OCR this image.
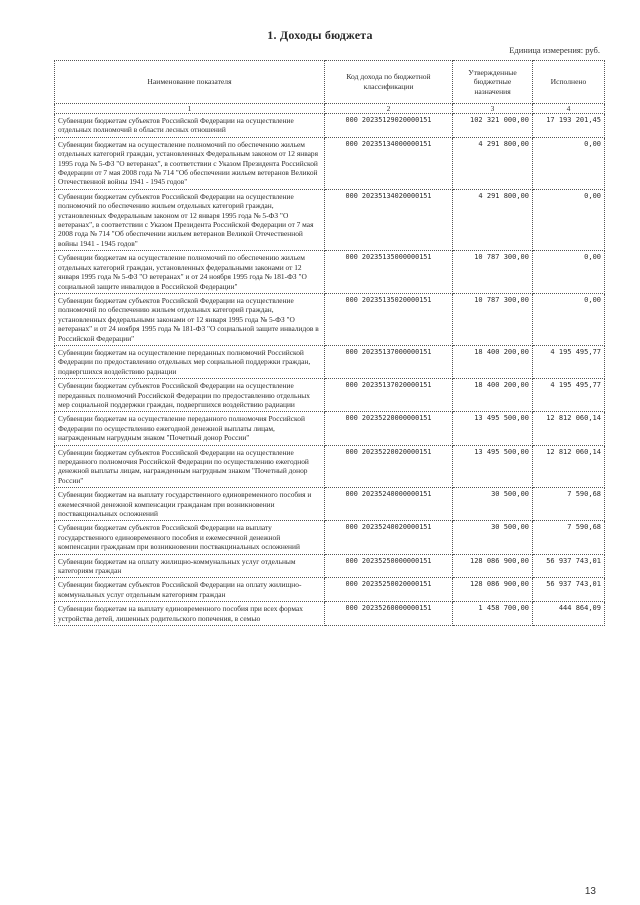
1. Доходы бюджета
Единица измерения: руб.
Наименование показателя	Код дохода по бюджетной классификации	Утвержденные бюджетные назначения	Исполнено
1	2	3	4
Субвенции бюджетам субъектов Российской Федерации на осуществление отдельных полномочий в области лесных отношений	000 20235129020000151	102 321 000,00	17 193 201,45
Субвенции бюджетам на осуществление полномочий по обеспечению жильем отдельных категорий граждан, установленных Федеральным законом от 12 января 1995 года № 5-ФЗ "О ветеранах", в соответствии с Указом Президента Российской Федерации от 7 мая 2008 года № 714 "Об обеспечении жильем ветеранов Великой Отечественной войны 1941 - 1945 годов"	000 20235134000000151	4 291 800,00	0,00
Субвенции бюджетам субъектов Российской Федерации на осуществление полномочий по обеспечению жильем отдельных категорий граждан, установленных Федеральным законом от 12 января 1995 года № 5-ФЗ "О ветеранах", в соответствии с Указом Президента Российской Федерации от 7 мая 2008 года № 714 "Об обеспечении жильем ветеранов Великой Отечественной войны 1941 - 1945 годов"	000 20235134020000151	4 291 800,00	0,00
Субвенции бюджетам на осуществление полномочий по обеспечению жильем отдельных категорий граждан, установленных федеральными законами от 12 января 1995 года № 5-ФЗ "О ветеранах" и от 24 ноября 1995 года № 181-ФЗ "О социальной защите инвалидов в Российской Федерации"	000 20235135000000151	10 787 300,00	0,00
Субвенции бюджетам субъектов Российской Федерации на осуществление полномочий по обеспечению жильем отдельных категорий граждан, установленных федеральными законами от 12 января 1995 года № 5-ФЗ "О ветеранах" и от 24 ноября 1995 года № 181-ФЗ "О социальной защите инвалидов в Российской Федерации"	000 20235135020000151	10 787 300,00	0,00
Субвенции бюджетам на осуществление переданных полномочий Российской Федерации по предоставлению отдельных мер социальной поддержки граждан, подвергшихся воздействию радиации	000 20235137000000151	18 400 200,00	4 195 495,77
Субвенции бюджетам субъектов Российской Федерации на осуществление переданных полномочий Российской Федерации по предоставлению отдельных мер социальной поддержки граждан, подвергшихся воздействию радиации	000 20235137020000151	18 400 200,00	4 195 495,77
Субвенции бюджетам на осуществление переданного полномочия Российской Федерации по осуществлению ежегодной денежной выплаты лицам, награжденным нагрудным знаком "Почетный донор России"	000 20235220000000151	13 495 500,00	12 812 060,14
Субвенции бюджетам субъектов Российской Федерации на осуществление переданного полномочия Российской Федерации по осуществлению ежегодной денежной выплаты лицам, награжденным нагрудным знаком "Почетный донор России"	000 20235220020000151	13 495 500,00	12 812 060,14
Субвенции бюджетам на выплату государственного единовременного пособия и ежемесячной денежной компенсации гражданам при возникновении поствакцинальных осложнений	000 20235240000000151	30 500,00	7 590,68
Субвенции бюджетам субъектов Российской Федерации на выплату государственного единовременного пособия и ежемесячной денежной компенсации гражданам при возникновении поствакцинальных осложнений	000 20235240020000151	30 500,00	7 590,68
Субвенции бюджетам на оплату жилищно-коммунальных услуг отдельным категориям граждан	000 20235250000000151	128 086 900,00	56 937 743,01
Субвенции бюджетам субъектов Российской Федерации на оплату жилищно-коммунальных услуг отдельным категориям граждан	000 20235250020000151	128 086 900,00	56 937 743,01
Субвенции бюджетам на выплату единовременного пособия при всех формах устройства детей, лишенных родительского попечения, в семью	000 20235260000000151	1 458 700,00	444 864,09
13
